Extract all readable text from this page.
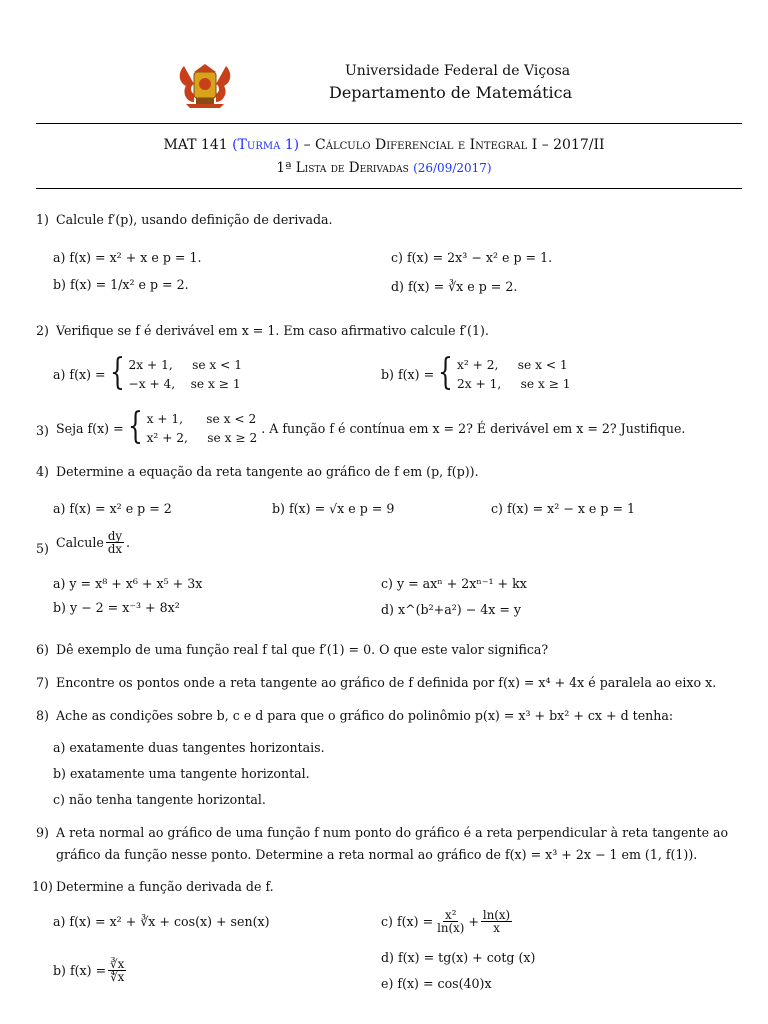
Universidade Federal de Viçosa
Departamento de Matemática
MAT 141 (Turma 1) – Cálculo Diferencial e Integral I – 2017/II
1ª Lista de Derivadas (26/09/2017)
1) Calcule f′(p), usando definição de derivada.
a) f(x) = x² + x e p = 1.
b) f(x) = 1/x² e p = 2.
c) f(x) = 2x³ − x² e p = 1.
d) f(x) = ∛x e p = 2.
2) Verifique se f é derivável em x = 1. Em caso afirmativo calcule f′(1).
a) f(x) = { 2x + 1,     se x < 1
−x + 4,    se x ≥ 1
b) f(x) = { x² + 2,     se x < 1
2x + 1,     se x ≥ 1
3) Seja f(x) = { x + 1,      se x < 2
x² + 2,     se x ≥ 2
. A função f é contínua em x = 2? É derivável em x = 2? Justifique.
4) Determine a equação da reta tangente ao gráfico de f em (p, f(p)).
a) f(x) = x² e p = 2	b) f(x) = √x e p = 9	c) f(x) = x² − x e p = 1
5) Calcule $\frac{dy}{dx}$ .
a) y = x⁸ + x⁶ + x⁵ + 3x
b) y − 2 = x⁻³ + 8x²
c) y = axⁿ + 2xⁿ⁻¹ + kx
d) x^(b²+a²) − 4x = y
6) Dê exemplo de uma função real f tal que f′(1) = 0. O que este valor significa?
7) Encontre os pontos onde a reta tangente ao gráfico de f definida por f(x) = x⁴ + 4x é paralela ao eixo x.
8) Ache as condições sobre b, c e d para que o gráfico do polinômio p(x) = x³ + bx² + cx + d tenha:
a) exatamente duas tangentes horizontais.
b) exatamente uma tangente horizontal.
c) não tenha tangente horizontal.
9) A reta normal ao gráfico de uma função f num ponto do gráfico é a reta perpendicular à reta tangente ao
gráfico da função nesse ponto. Determine a reta normal ao gráfico de f(x) = x³ + 2x − 1 em (1, f(1)).
10) Determine a função derivada de f.
a) f(x) = x² + ∛x + cos(x) + sen(x)
b) $f(x) = \frac{∛x}{∜x}$
c) $f(x) = \frac{\text{x²}}{\ln(x)} + \frac{\ln(x)}{x}$
d) f(x) = tg(x) + cotg (x)
e) f(x) = cos(40)x
